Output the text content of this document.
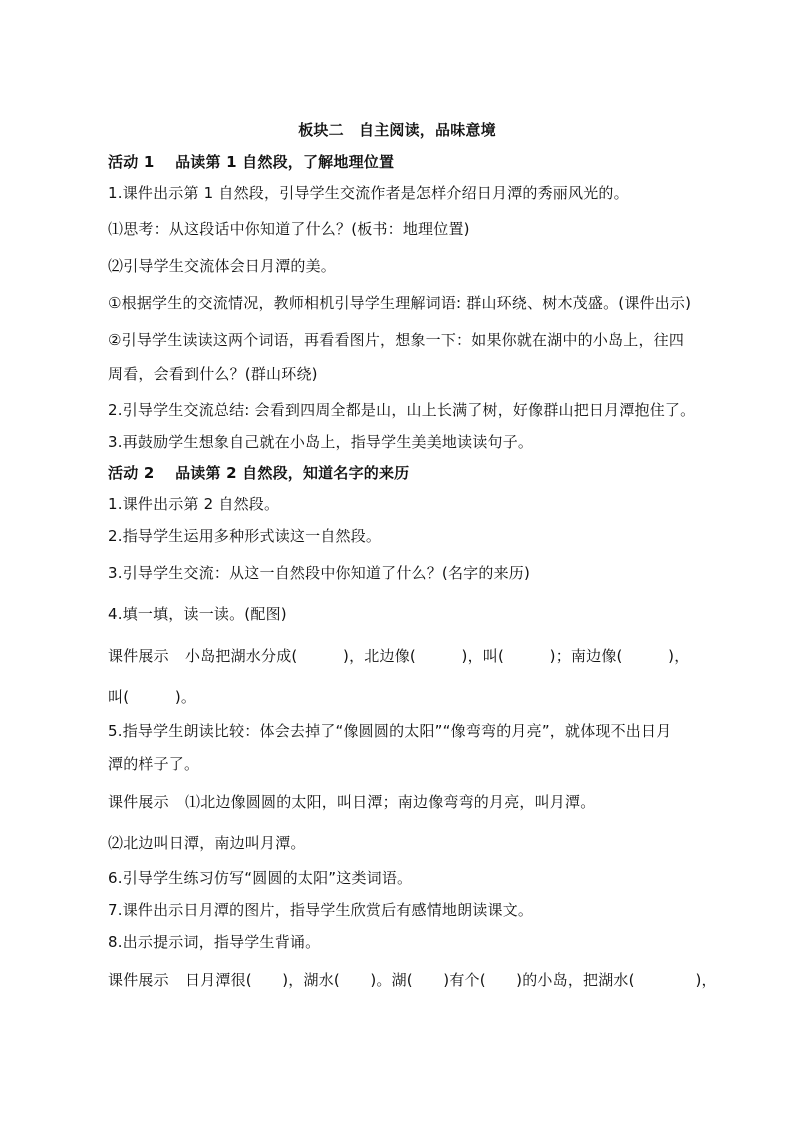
板块二　自主阅读，品味意境
活动 1　 品读第 1 自然段，了解地理位置
1.课件出示第 1 自然段，引导学生交流作者是怎样介绍日月潭的秀丽风光的。
⑴思考：从这段话中你知道了什么？(板书：地理位置)
⑵引导学生交流体会日月潭的美。
①根据学生的交流情况，教师相机引导学生理解词语: 群山环绕、树木茂盛。(课件出示)
②引导学生读读这两个词语，再看看图片，想象一下：如果你就在湖中的小岛上，往四
周看，会看到什么？(群山环绕)
2.引导学生交流总结: 会看到四周全都是山，山上长满了树，好像群山把日月潭抱住了。
3.再鼓励学生想象自己就在小岛上，指导学生美美地读读句子。
活动 2　 品读第 2 自然段，知道名字的来历
1.课件出示第 2 自然段。
2.指导学生运用多种形式读这一自然段。
3.引导学生交流：从这一自然段中你知道了什么？(名字的来历)
4.填一填，读一读。(配图)
课件展示 小岛把湖水分成(　　　)，北边像(　　　)，叫(　　　)；南边像(　　　)，
叫(　　　)。
5.指导学生朗读比较：体会去掉了“像圆圆的太阳”“像弯弯的月亮”，就体现不出日月
潭的样子了。
课件展示 ⑴北边像圆圆的太阳，叫日潭；南边像弯弯的月亮，叫月潭。
⑵北边叫日潭，南边叫月潭。
6.引导学生练习仿写“圆圆的太阳”这类词语。
7.课件出示日月潭的图片，指导学生欣赏后有感情地朗读课文。
8.出示提示词，指导学生背诵。
课件展示 日月潭很(　　)，湖水(　　)。湖(　　)有个(　　)的小岛，把湖水(　　　　)，
